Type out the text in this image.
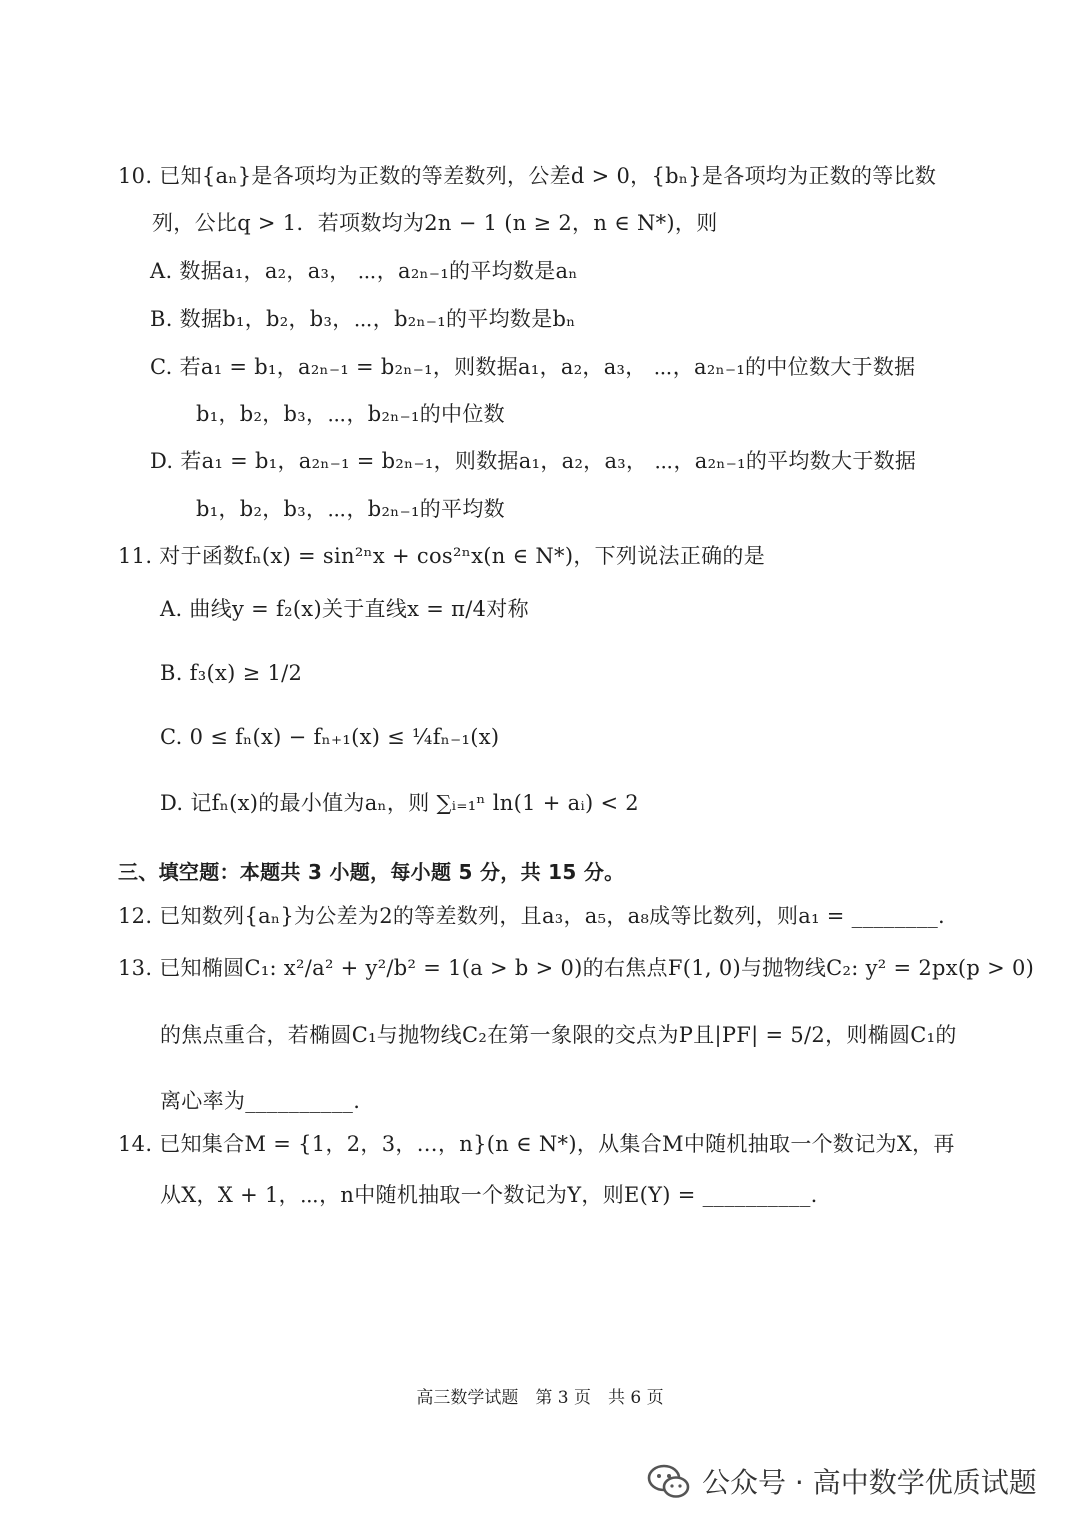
10. 已知{aₙ}是各项均为正数的等差数列，公差d > 0，{bₙ}是各项均为正数的等比数
列，公比q > 1．若项数均为2n − 1 (n ≥ 2，n ∈ N*)，则
A. 数据a₁，a₂，a₃， ⋯，a₂ₙ₋₁的平均数是aₙ
B. 数据b₁，b₂，b₃，⋯，b₂ₙ₋₁的平均数是bₙ
C. 若a₁ = b₁，a₂ₙ₋₁ = b₂ₙ₋₁，则数据a₁，a₂，a₃， ⋯，a₂ₙ₋₁的中位数大于数据
b₁，b₂，b₃，⋯，b₂ₙ₋₁的中位数
D. 若a₁ = b₁，a₂ₙ₋₁ = b₂ₙ₋₁，则数据a₁，a₂，a₃， ⋯，a₂ₙ₋₁的平均数大于数据
b₁，b₂，b₃，⋯，b₂ₙ₋₁的平均数
11. 对于函数fₙ(x) = sin²ⁿx + cos²ⁿx(n ∈ N*)，下列说法正确的是
A. 曲线y = f₂(x)关于直线x = π/4对称
B. f₃(x) ≥ 1/2
C. 0 ≤ fₙ(x) − fₙ₊₁(x) ≤ ¼fₙ₋₁(x)
D. 记fₙ(x)的最小值为aₙ，则 ∑ᵢ₌₁ⁿ ln(1 + aᵢ) < 2
三、填空题：本题共 3 小题，每小题 5 分，共 15 分。
12. 已知数列{aₙ}为公差为2的等差数列，且a₃，a₅，a₈成等比数列，则a₁ = ________.
13. 已知椭圆C₁: x²/a² + y²/b² = 1(a > b > 0)的右焦点F(1, 0)与抛物线C₂: y² = 2px(p > 0)
的焦点重合，若椭圆C₁与抛物线C₂在第一象限的交点为P且|PF| = 5/2，则椭圆C₁的
离心率为__________.
14. 已知集合M = {1，2，3，…，n}(n ∈ N*)，从集合M中随机抽取一个数记为X，再
从X，X + 1，⋯，n中随机抽取一个数记为Y，则E(Y) = __________.
高三数学试题　第 3 页　共 6 页
公众号 · 高中数学优质试题
